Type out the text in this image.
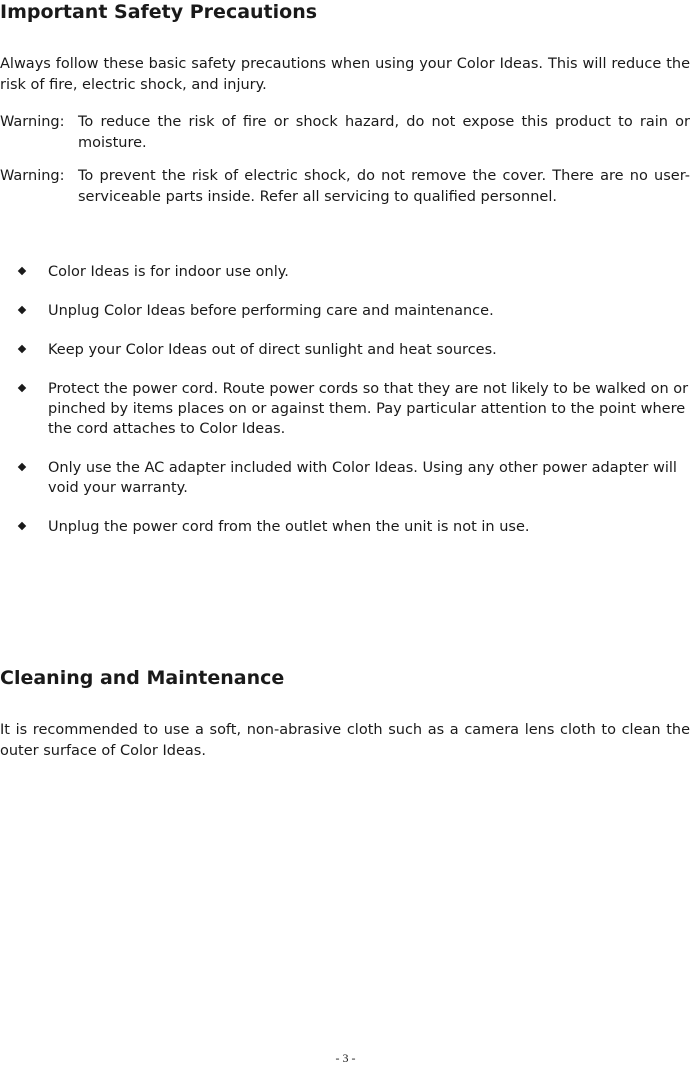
Important Safety Precautions

Always follow these basic safety precautions when using your Color Ideas. This will reduce the risk of fire, electric shock, and injury.

Warning: To reduce the risk of fire or shock hazard, do not expose this product to rain or moisture.
Warning: To prevent the risk of electric shock, do not remove the cover. There are no user-serviceable parts inside. Refer all servicing to qualified personnel.
Color Ideas is for indoor use only.
Unplug Color Ideas before performing care and maintenance.
Keep your Color Ideas out of direct sunlight and heat sources.
Protect the power cord. Route power cords so that they are not likely to be walked on or pinched by items places on or against them. Pay particular attention to the point where the cord attaches to Color Ideas.
Only use the AC adapter included with Color Ideas. Using any other power adapter will void your warranty.
Unplug the power cord from the outlet when the unit is not in use.
Cleaning and Maintenance

It is recommended to use a soft, non-abrasive cloth such as a camera lens cloth to clean the outer surface of Color Ideas.

- 3 -
